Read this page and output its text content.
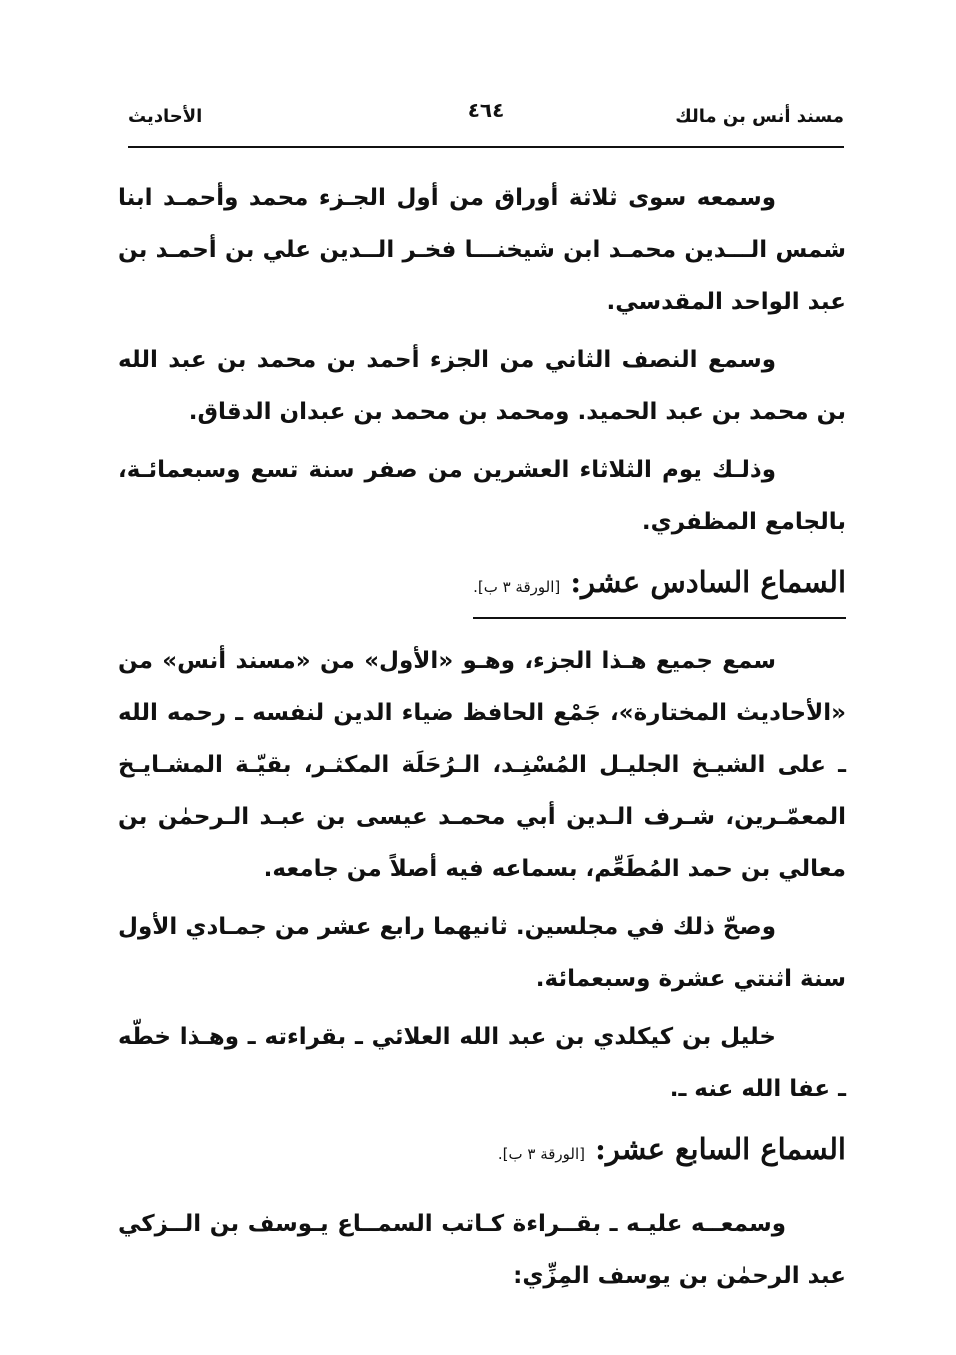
مسند أنس بن مالك
٤٦٤
الأحاديث

وسمعه سوى ثلاثة أوراق من أول الجـزء محمد وأحمـد ابنا شمس الـــدين محمـد ابن شيخنـــا فخـر الــدين علي بن أحمـد بن عبد الواحد المقدسي.

وسمع النصف الثاني من الجزء أحمد بن محمد بن عبد الله بن محمد بن عبد الحميد. ومحمد بن محمد بن عبدان الدقاق.

وذلـك يوم الثلاثاء العشرين من صفر سنة تسع وسبعمائـة، بالجامع المظفري.

السماع السادس عشر: [الورقة ٣ ب].

سمع جميع هـذا الجزء، وهـو «الأول» من «مسند أنس» من «الأحاديث المختارة»، جَمْع الحافظ ضياء الدين لنفسه ـ رحمه الله ـ على الشيـخ الجليـل المُسْنِـد، الـرُحَلَة المكثـر، بقيّـة المشـايـخ المعمّـرين، شـرف الـدين أبي محمـد عيسى بن عبـد الـرحمٰن بن معالي بن حمد المُطَعِّم، بسماعه فيه أصلاً من جامعه.

وصحّ ذلك في مجلسين. ثانيهما رابع عشر من جمـادي الأول سنة اثنتي عشرة وسبعمائة.

خليل بن كيكلدي بن عبد الله العلائي ـ بقراءته ـ وهـذا خطّه ـ عفا الله عنه ـ.

السماع السابع عشر: [الورقة ٣ ب].

وسمعــه عليـه ـ بقــراءة كـاتب السمــاع يـوسف بن الــزكي عبد الرحمٰن بن يوسف المِزِّي:
